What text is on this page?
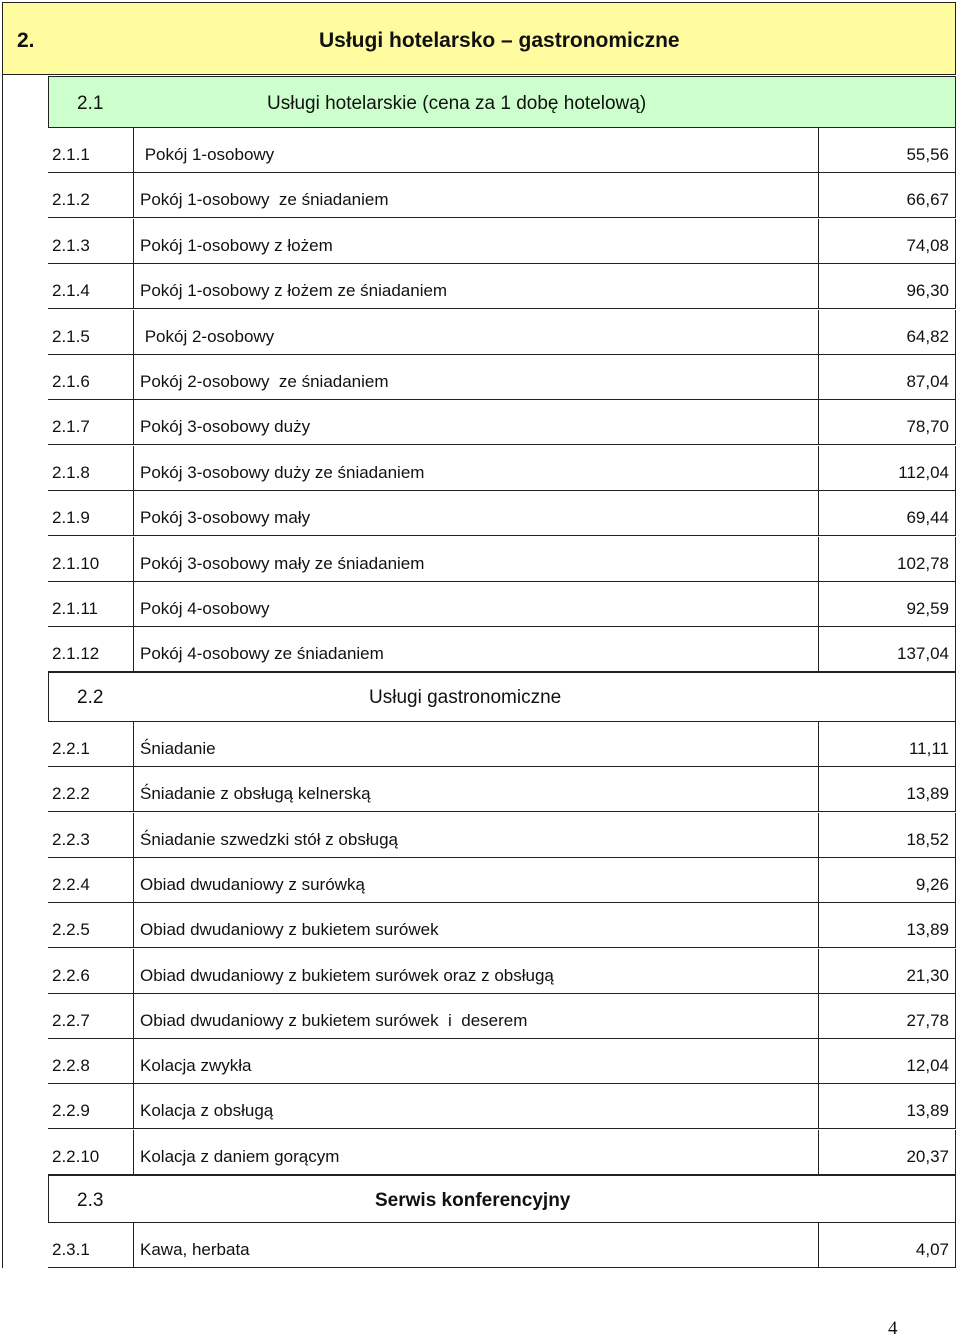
2.	Usługi hotelarsko – gastronomiczne
2.1	Usługi hotelarskie (cena za 1 dobę hotelową)
2.1.1	Pokój 1-osobowy	55,56
2.1.2	Pokój 1-osobowy  ze śniadaniem	66,67
2.1.3	Pokój 1-osobowy z łożem	74,08
2.1.4	Pokój 1-osobowy z łożem ze śniadaniem	96,30
2.1.5	Pokój 2-osobowy	64,82
2.1.6	Pokój 2-osobowy  ze śniadaniem	87,04
2.1.7	Pokój 3-osobowy duży	78,70
2.1.8	Pokój 3-osobowy duży ze śniadaniem	112,04
2.1.9	Pokój 3-osobowy mały	69,44
2.1.10 Pokój 3-osobowy mały ze śniadaniem	102,78
2.1.11 Pokój 4-osobowy	92,59
2.1.12 Pokój 4-osobowy ze śniadaniem	137,04
2.2	Usługi gastronomiczne
2.2.1	Śniadanie	11,11
2.2.2	Śniadanie z obsługą kelnerską	13,89
2.2.3	Śniadanie szwedzki stół z obsługą	18,52
2.2.4	Obiad dwudaniowy z surówką	9,26
2.2.5	Obiad dwudaniowy z bukietem surówek	13,89
2.2.6	Obiad dwudaniowy z bukietem surówek oraz z obsługą	21,30
2.2.7	Obiad dwudaniowy z bukietem surówek  i  deserem	27,78
2.2.8	Kolacja zwykła	12,04
2.2.9	Kolacja z obsługą	13,89
2.2.10 Kolacja z daniem gorącym	20,37
2.3	Serwis konferencyjny
2.3.1	Kawa, herbata	4,07
4
